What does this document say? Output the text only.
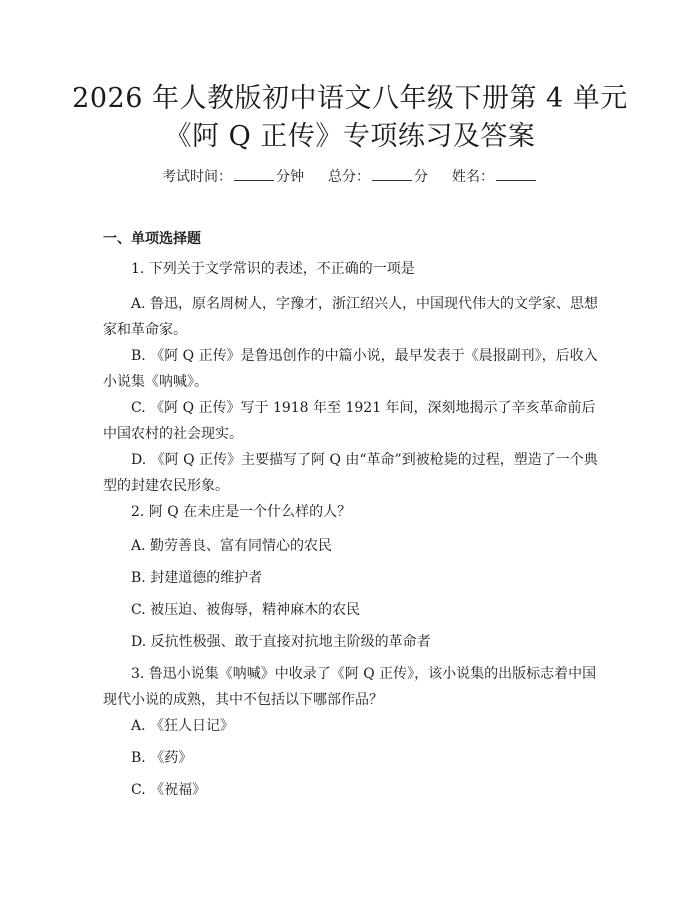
2026 年人教版初中语文八年级下册第 4 单元
《阿 Q 正传》专项练习及答案
考试时间：	分钟 总分：	分 姓名：
一、单项选择题

1. 下列关于文学常识的表述，不正确的一项是

A. 鲁迅，原名周树人，字豫才，浙江绍兴人，中国现代伟大的文学家、思想家和革命家。

B. 《阿 Q 正传》是鲁迅创作的中篇小说，最早发表于《晨报副刊》，后收入小说集《呐喊》。

C. 《阿 Q 正传》写于 1918 年至 1921 年间，深刻地揭示了辛亥革命前后中国农村的社会现实。

D. 《阿 Q 正传》主要描写了阿 Q 由“革命”到被枪毙的过程，塑造了一个典型的封建农民形象。

2. 阿 Q 在未庄是一个什么样的人？

A. 勤劳善良、富有同情心的农民

B. 封建道德的维护者

C. 被压迫、被侮辱，精神麻木的农民

D. 反抗性极强、敢于直接对抗地主阶级的革命者

3. 鲁迅小说集《呐喊》中收录了《阿 Q 正传》，该小说集的出版标志着中国现代小说的成熟，其中不包括以下哪部作品？

A. 《狂人日记》

B. 《药》

C. 《祝福》
